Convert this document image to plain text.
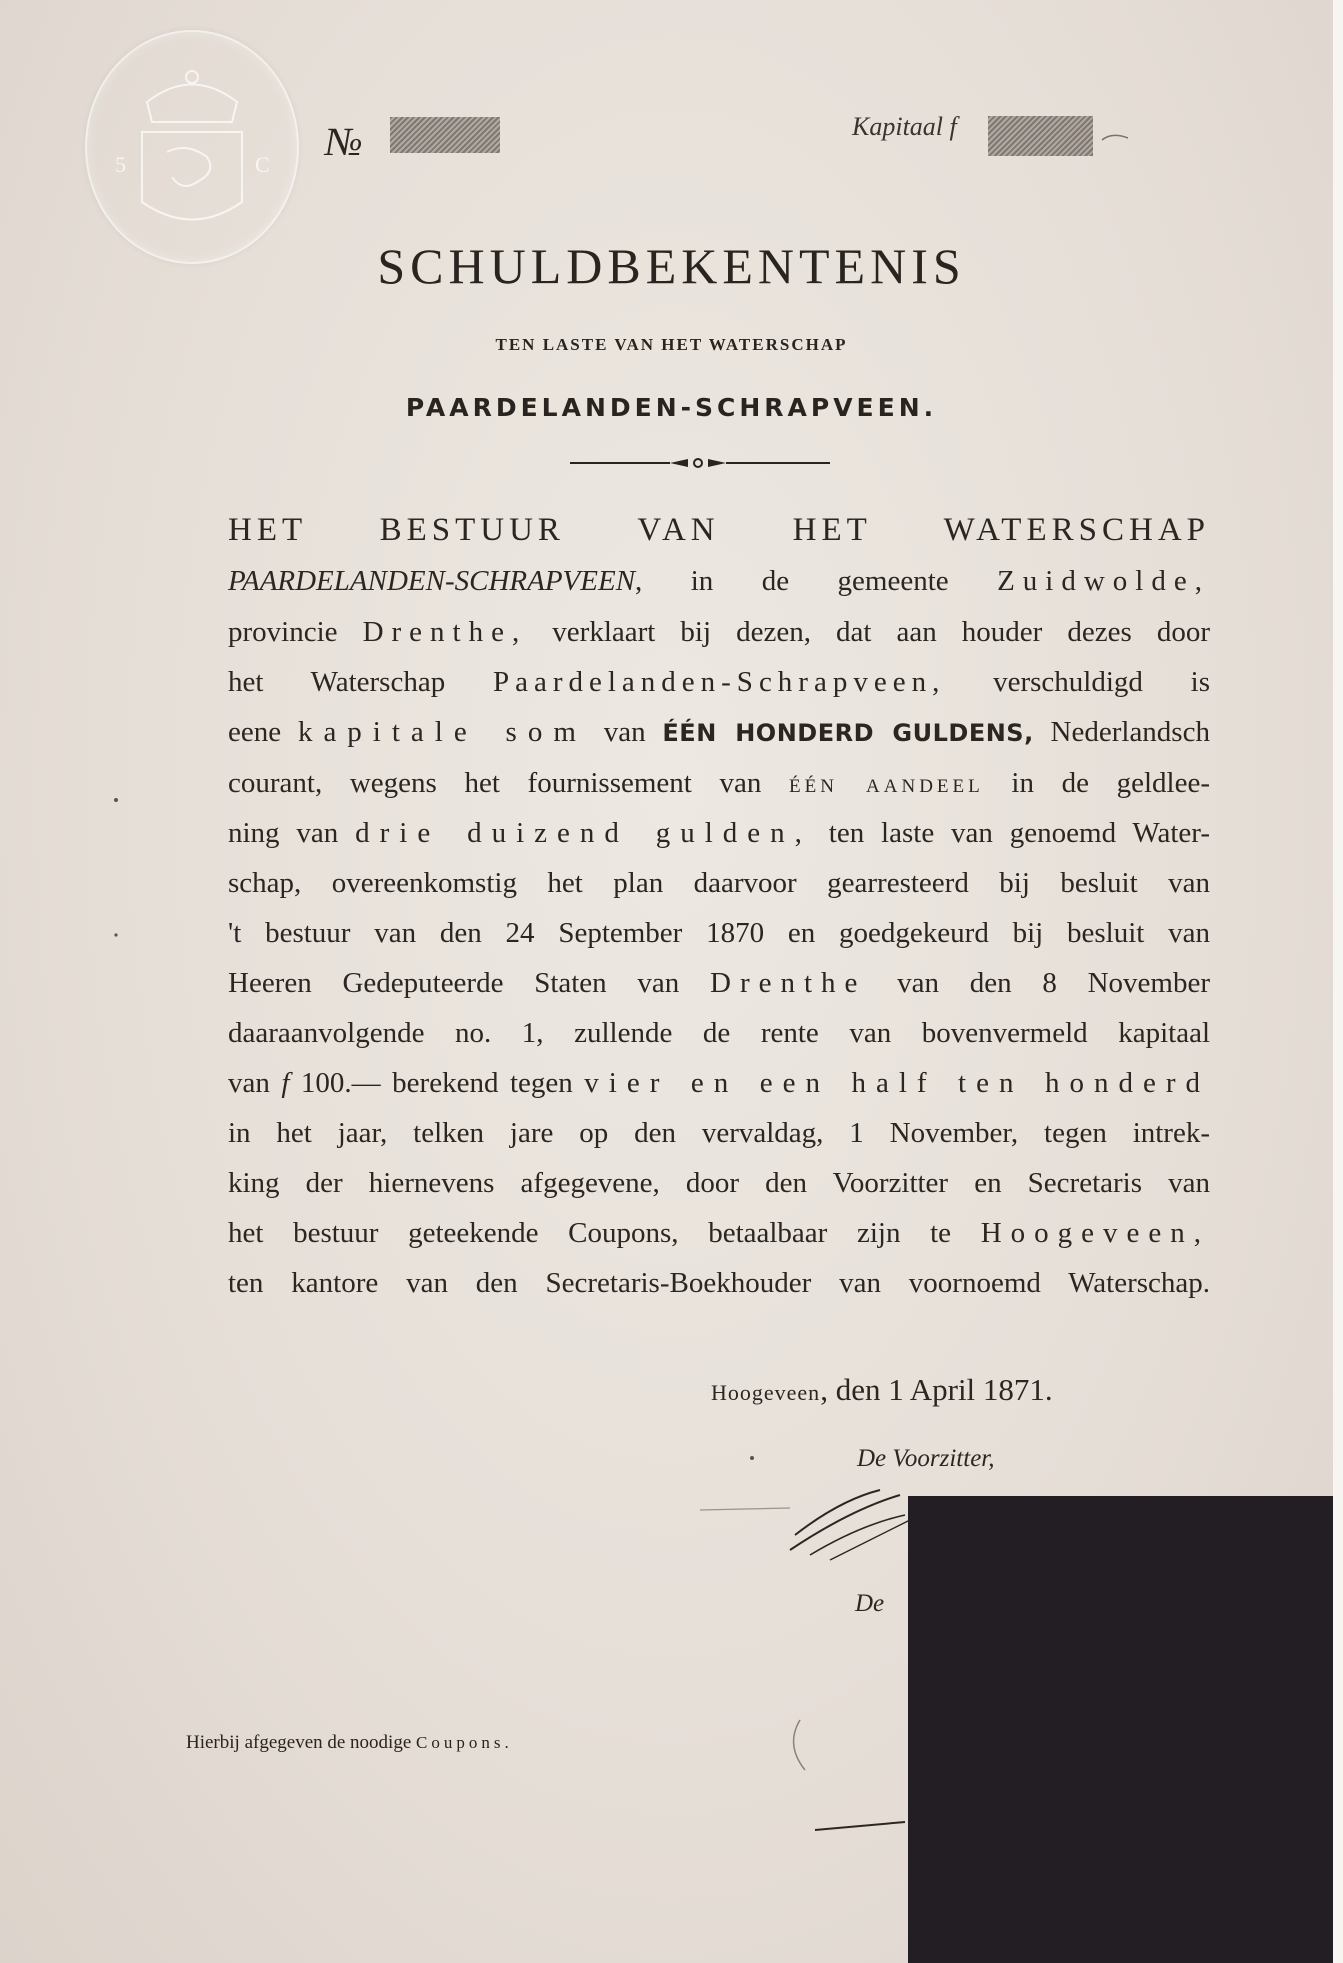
5	C
№	Kapitaal f
SCHULDBEKENTENIS
TEN LASTE VAN HET WATERSCHAP
PAARDELANDEN-SCHRAPVEEN.
HET BESTUUR VAN HET WATERSCHAP
PAARDELANDEN-SCHRAPVEEN, in de gemeente Zuidwolde,
provincie Drenthe, verklaart bij dezen, dat aan houder dezes door
het Waterschap Paardelanden-Schrapveen, verschuldigd is
eene kapitale som van ÉÉN HONDERD GULDENS, Nederlandsch
courant, wegens het fournissement van ÉÉN AANDEEL in de geldlee-
ning van drie duizend gulden, ten laste van genoemd Water-
schap, overeenkomstig het plan daarvoor gearresteerd bij besluit van
't bestuur van den 24 September 1870 en goedgekeurd bij besluit van
Heeren Gedeputeerde Staten van Drenthe van den 8 November
daaraanvolgende no. 1, zullende de rente van bovenvermeld kapitaal
van f 100.— berekend tegen vier en een half ten honderd
in het jaar, telken jare op den vervaldag, 1 November, tegen intrek-
king der hiernevens afgegevene, door den Voorzitter en Secretaris van
het bestuur geteekende Coupons, betaalbaar zijn te Hoogeveen,
ten kantore van den Secretaris-Boekhouder van voornoemd Waterschap.
Hoogeveen, den 1 April 1871.
De Voorzitter,
De
Hierbij afgegeven de noodige Coupons.
